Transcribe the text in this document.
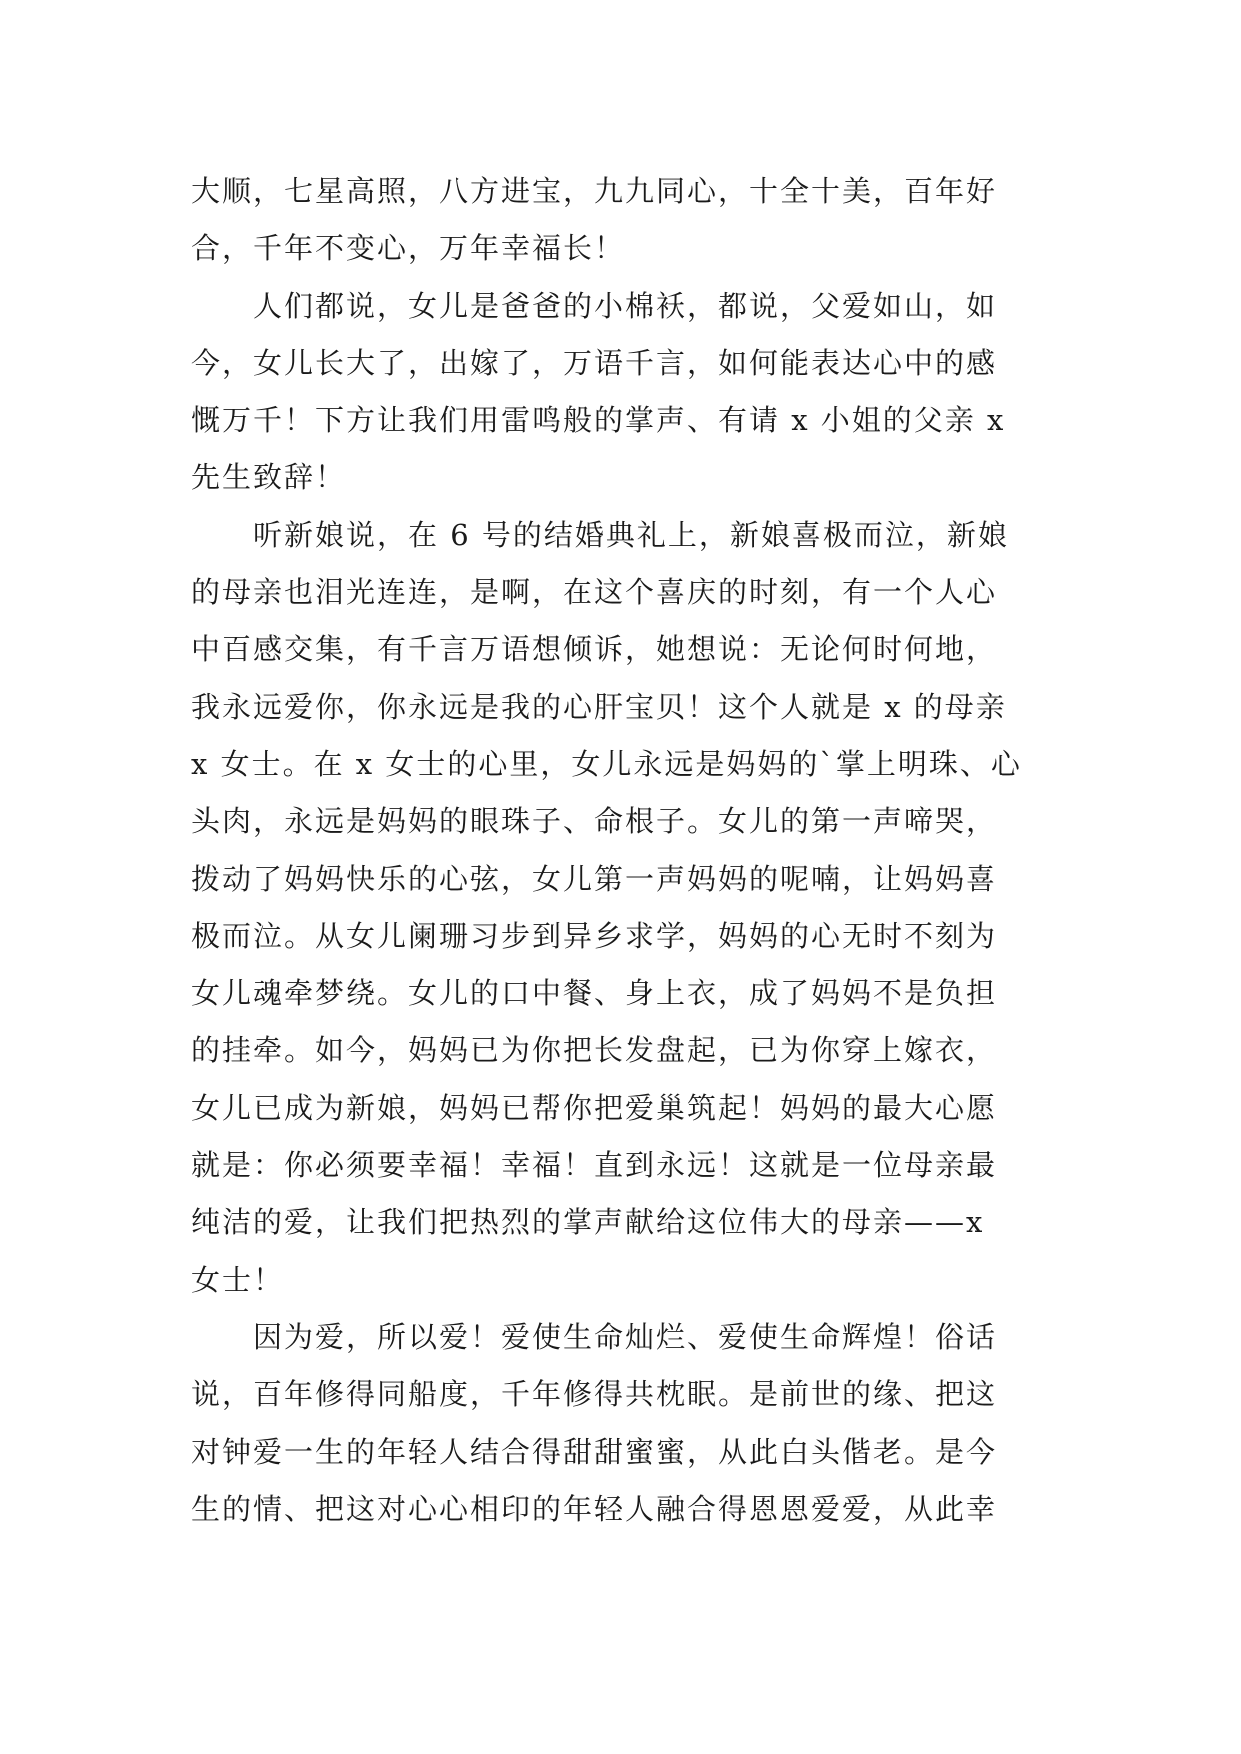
大顺，七星高照，八方进宝，九九同心，十全十美，百年好
合，千年不变心，万年幸福长！
　　人们都说，女儿是爸爸的小棉袄，都说，父爱如山，如
今，女儿长大了，出嫁了，万语千言，如何能表达心中的感
慨万千！下方让我们用雷鸣般的掌声、有请 x 小姐的父亲 x
先生致辞！
　　听新娘说，在 6 号的结婚典礼上，新娘喜极而泣，新娘
的母亲也泪光连连，是啊，在这个喜庆的时刻，有一个人心
中百感交集，有千言万语想倾诉，她想说：无论何时何地，
我永远爱你，你永远是我的心肝宝贝！这个人就是 x 的母亲
x 女士。在 x 女士的心里，女儿永远是妈妈的`掌上明珠、心
头肉，永远是妈妈的眼珠子、命根子。女儿的第一声啼哭，
拨动了妈妈快乐的心弦，女儿第一声妈妈的呢喃，让妈妈喜
极而泣。从女儿阑珊习步到异乡求学，妈妈的心无时不刻为
女儿魂牵梦绕。女儿的口中餐、身上衣，成了妈妈不是负担
的挂牵。如今，妈妈已为你把长发盘起，已为你穿上嫁衣，
女儿已成为新娘，妈妈已帮你把爱巢筑起！妈妈的最大心愿
就是：你必须要幸福！幸福！直到永远！这就是一位母亲最
纯洁的爱，让我们把热烈的掌声献给这位伟大的母亲——x
女士！
　　因为爱，所以爱！爱使生命灿烂、爱使生命辉煌！俗话
说，百年修得同船度，千年修得共枕眠。是前世的缘、把这
对钟爱一生的年轻人结合得甜甜蜜蜜，从此白头偕老。是今
生的情、把这对心心相印的年轻人融合得恩恩爱爱，从此幸
